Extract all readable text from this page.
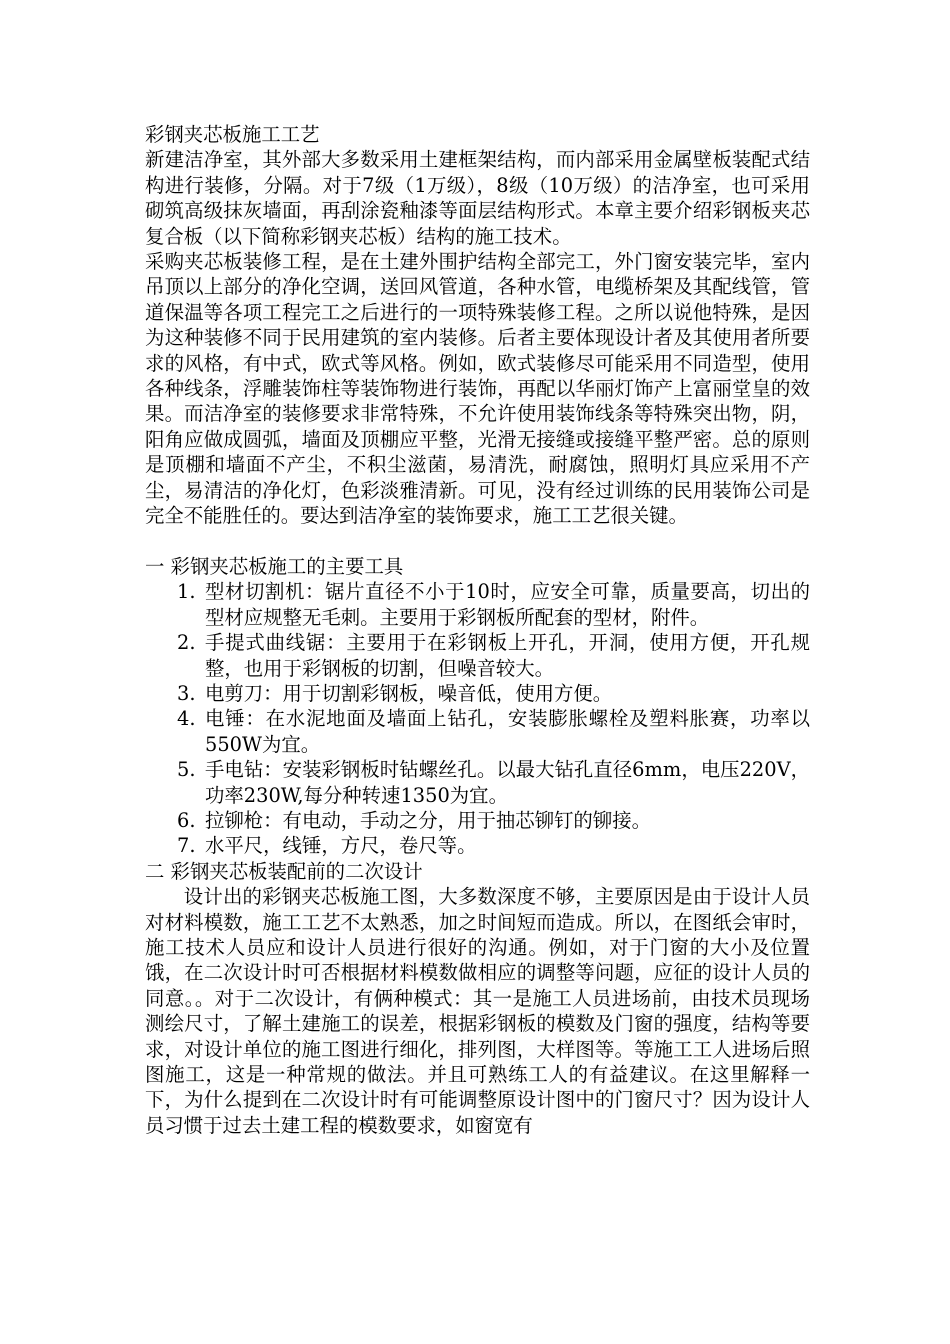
彩钢夹芯板施工工艺

新建洁净室，其外部大多数采用土建框架结构，而内部采用金属壁板装配式结构进行装修，分隔。对于7级（1万级），8级（10万级）的洁净室，也可采用砌筑高级抹灰墙面，再刮涂瓷釉漆等面层结构形式。本章主要介绍彩钢板夹芯复合板（以下简称彩钢夹芯板）结构的施工技术。

采购夹芯板装修工程，是在土建外围护结构全部完工，外门窗安装完毕，室内吊顶以上部分的净化空调，送回风管道，各种水管，电缆桥架及其配线管，管道保温等各项工程完工之后进行的一项特殊装修工程。之所以说他特殊，是因为这种装修不同于民用建筑的室内装修。后者主要体现设计者及其使用者所要求的风格，有中式，欧式等风格。例如，欧式装修尽可能采用不同造型，使用各种线条，浮雕装饰柱等装饰物进行装饰，再配以华丽灯饰产上富丽堂皇的效果。而洁净室的装修要求非常特殊，不允许使用装饰线条等特殊突出物，阴，阳角应做成圆弧，墙面及顶棚应平整，光滑无接缝或接缝平整严密。总的原则是顶棚和墙面不产尘，不积尘滋菌，易清洗，耐腐蚀，照明灯具应采用不产尘，易清洁的净化灯，色彩淡雅清新。可见，没有经过训练的民用装饰公司是完全不能胜任的。要达到洁净室的装饰要求，施工工艺很关键。

一 彩钢夹芯板施工的主要工具

1. 型材切割机：锯片直径不小于10时，应安全可靠，质量要高，切出的型材应规整无毛刺。主要用于彩钢板所配套的型材，附件。
2. 手提式曲线锯：主要用于在彩钢板上开孔，开洞，使用方便，开孔规整，也用于彩钢板的切割，但噪音较大。
3. 电剪刀：用于切割彩钢板，噪音低，使用方便。
4. 电锤：在水泥地面及墙面上钻孔，安装膨胀螺栓及塑料胀赛，功率以550W为宜。
5. 手电钻：安装彩钢板时钻螺丝孔。以最大钻孔直径6mm，电压220V，功率230W,每分种转速1350为宜。
6. 拉铆枪：有电动，手动之分，用于抽芯铆钉的铆接。
7. 水平尺，线锤，方尺，卷尺等。

二 彩钢夹芯板装配前的二次设计

设计出的彩钢夹芯板施工图，大多数深度不够，主要原因是由于设计人员对材料模数，施工工艺不太熟悉，加之时间短而造成。所以，在图纸会审时，施工技术人员应和设计人员进行很好的沟通。例如，对于门窗的大小及位置饿，在二次设计时可否根据材料模数做相应的调整等问题，应征的设计人员的同意。。对于二次设计，有俩种模式：其一是施工人员进场前，由技术员现场测绘尺寸，了解土建施工的误差，根据彩钢板的模数及门窗的强度，结构等要求，对设计单位的施工图进行细化，排列图，大样图等。等施工工人进场后照图施工，这是一种常规的做法。并且可熟练工人的有益建议。在这里解释一下，为什么提到在二次设计时有可能调整原设计图中的门窗尺寸？因为设计人员习惯于过去土建工程的模数要求，如窗宽有
